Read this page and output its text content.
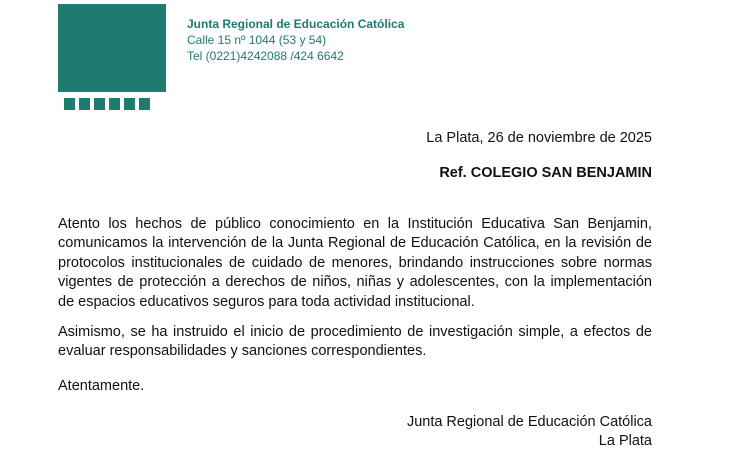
Junta Regional de Educación Católica
Calle 15 nº 1044 (53 y 54)
Tel (0221)4242088 /424 6642
La Plata, 26 de noviembre de 2025
Ref. COLEGIO SAN BENJAMIN

Atento los hechos de público conocimiento en la Institución Educativa San Benjamin, comunicamos la intervención de la Junta Regional de Educación Católica, en la revisión de protocolos institucionales de cuidado de menores, brindando instrucciones sobre normas vigentes de protección a derechos de niños, niñas y adolescentes, con la implementación de espacios educativos seguros para toda actividad institucional.

Asimismo, se ha instruido el inicio de procedimiento de investigación simple, a efectos de evaluar responsabilidades y sanciones correspondientes.

Atentamente.
Junta Regional de Educación Católica
La Plata
